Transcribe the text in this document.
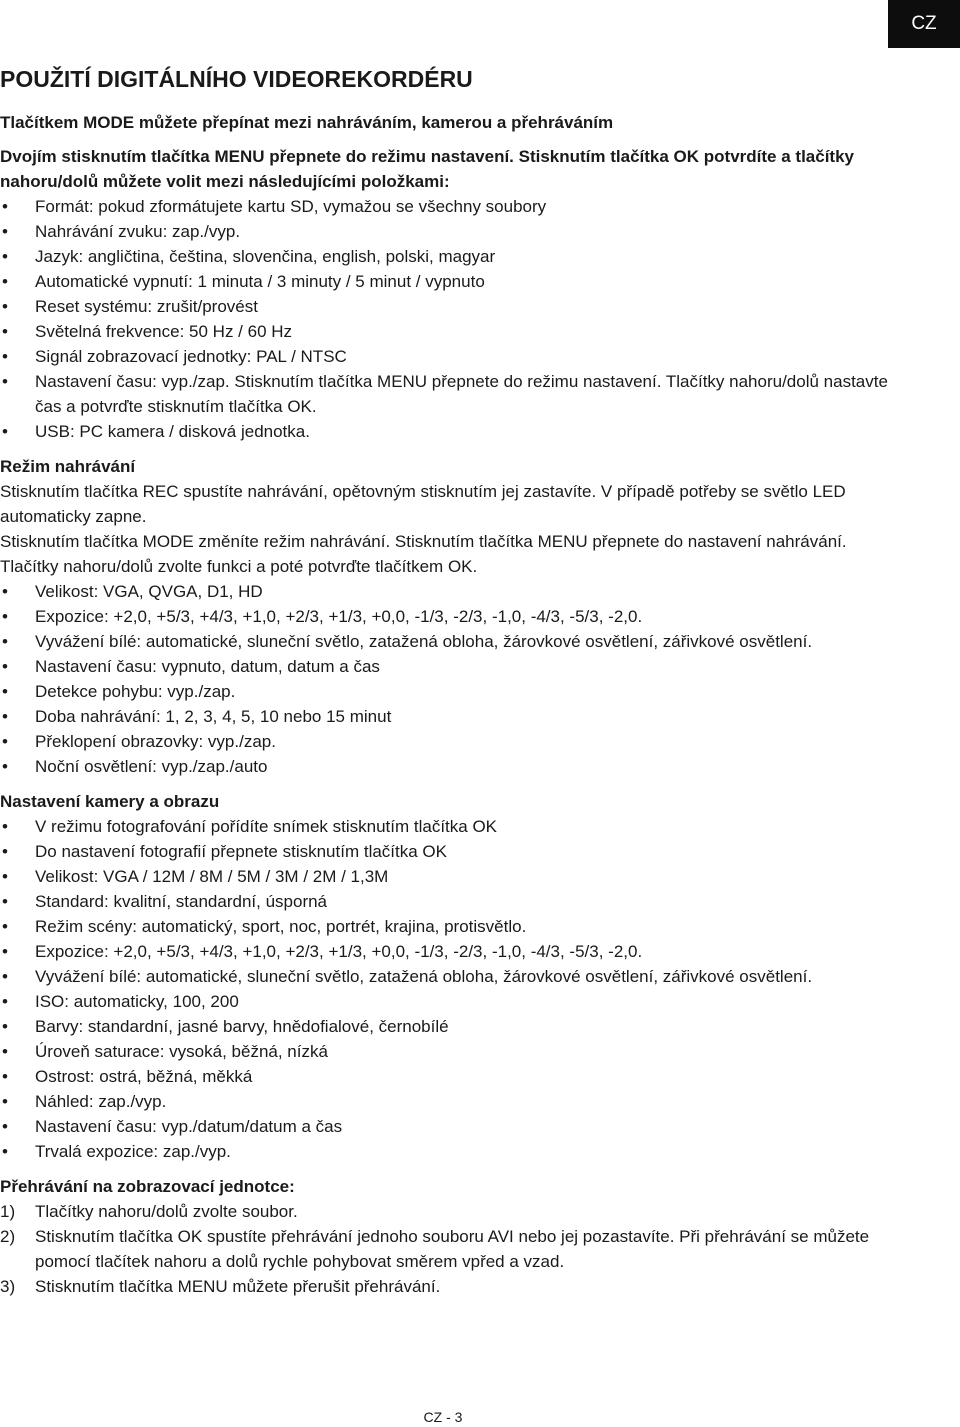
CZ
POUŽITÍ DIGITÁLNÍHO VIDEOREKORDÉRU

Tlačítkem MODE můžete přepínat mezi nahráváním, kamerou a přehráváním

Dvojím stisknutím tlačítka MENU přepnete do režimu nastavení. Stisknutím tlačítka OK potvrdíte a tlačítky nahoru/dolů můžete volit mezi následujícími položkami:

• Formát: pokud zformátujete kartu SD, vymažou se všechny soubory
• Nahrávání zvuku: zap./vyp.
• Jazyk: angličtina, čeština, slovenčina, english, polski, magyar
• Automatické vypnutí: 1 minuta / 3 minuty / 5 minut / vypnuto
• Reset systému: zrušit/provést
• Světelná frekvence: 50 Hz / 60 Hz
• Signál zobrazovací jednotky: PAL / NTSC
• Nastavení času: vyp./zap. Stisknutím tlačítka MENU přepnete do režimu nastavení. Tlačítky nahoru/dolů nastavte čas a potvrďte stisknutím tlačítka OK.
• USB: PC kamera / disková jednotka.

Režim nahrávání

Stisknutím tlačítka REC spustíte nahrávání, opětovným stisknutím jej zastavíte. V případě potřeby se světlo LED automaticky zapne.

Stisknutím tlačítka MODE změníte režim nahrávání. Stisknutím tlačítka MENU přepnete do nastavení nahrávání. Tlačítky nahoru/dolů zvolte funkci a poté potvrďte tlačítkem OK.

• Velikost: VGA, QVGA, D1, HD
• Expozice: +2,0, +5/3, +4/3, +1,0, +2/3, +1/3, +0,0, -1/3, -2/3, -1,0, -4/3, -5/3, -2,0.
• Vyvážení bílé: automatické, sluneční světlo, zatažená obloha, žárovkové osvětlení, zářivkové osvětlení.
• Nastavení času: vypnuto, datum, datum a čas
• Detekce pohybu: vyp./zap.
• Doba nahrávání: 1, 2, 3, 4, 5, 10 nebo 15 minut
• Překlopení obrazovky: vyp./zap.
• Noční osvětlení: vyp./zap./auto

Nastavení kamery a obrazu

• V režimu fotografování pořídíte snímek stisknutím tlačítka OK
• Do nastavení fotografií přepnete stisknutím tlačítka OK
• Velikost: VGA / 12M / 8M / 5M / 3M / 2M / 1,3M
• Standard: kvalitní, standardní, úsporná
• Režim scény: automatický, sport, noc, portrét, krajina, protisvětlo.
• Expozice: +2,0, +5/3, +4/3, +1,0, +2/3, +1/3, +0,0, -1/3, -2/3, -1,0, -4/3, -5/3, -2,0.
• Vyvážení bílé: automatické, sluneční světlo, zatažená obloha, žárovkové osvětlení, zářivkové osvětlení.
• ISO: automaticky, 100, 200
• Barvy: standardní, jasné barvy, hnědofialové, černobílé
• Úroveň saturace: vysoká, běžná, nízká
• Ostrost: ostrá, běžná, měkká
• Náhled: zap./vyp.
• Nastavení času: vyp./datum/datum a čas
• Trvalá expozice: zap./vyp.

Přehrávání na zobrazovací jednotce:

1) Tlačítky nahoru/dolů zvolte soubor.
2) Stisknutím tlačítka OK spustíte přehrávání jednoho souboru AVI nebo jej pozastavíte. Při přehrávání se můžete pomocí tlačítek nahoru a dolů rychle pohybovat směrem vpřed a vzad.
3) Stisknutím tlačítka MENU můžete přerušit přehrávání.
CZ - 3
